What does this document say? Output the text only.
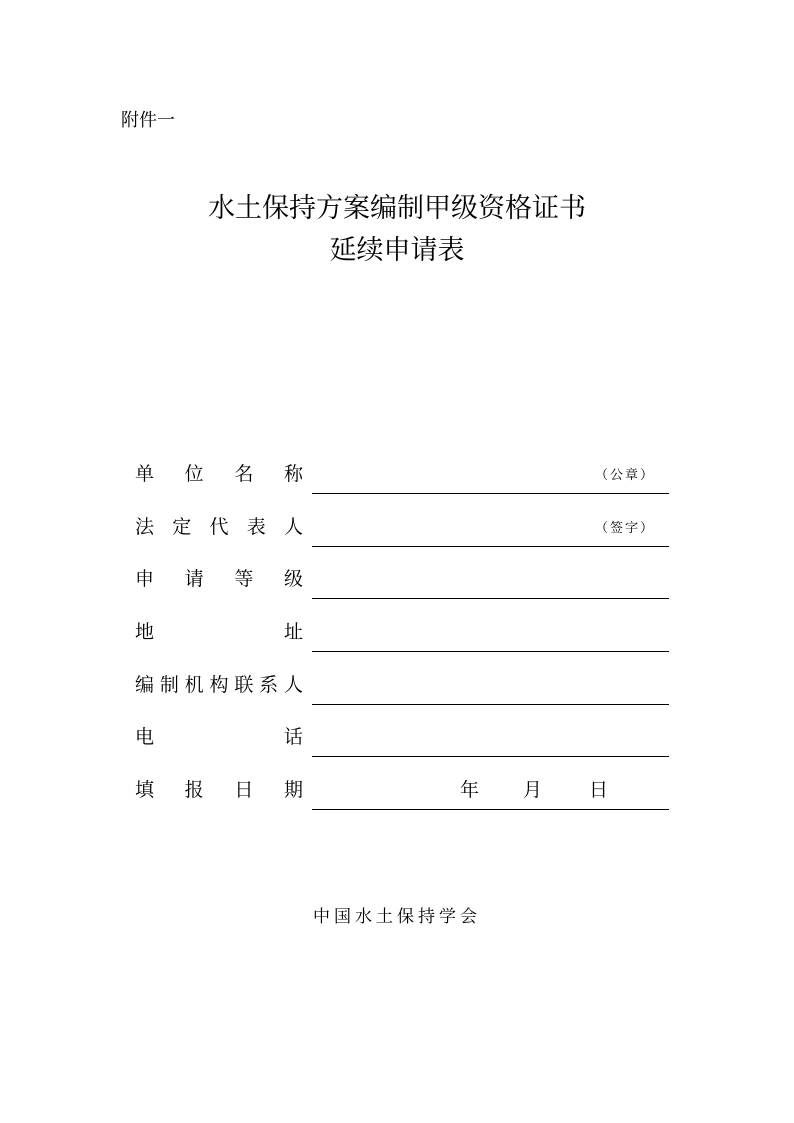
附件一
水土保持方案编制甲级资格证书
延续申请表
单 位 名 称	（公章）
法 定 代 表 人	（签字）
申 请 等 级
地	址
编 制 机 构 联 系 人
电	话
填 报 日 期	年 月 日
中国水土保持学会
